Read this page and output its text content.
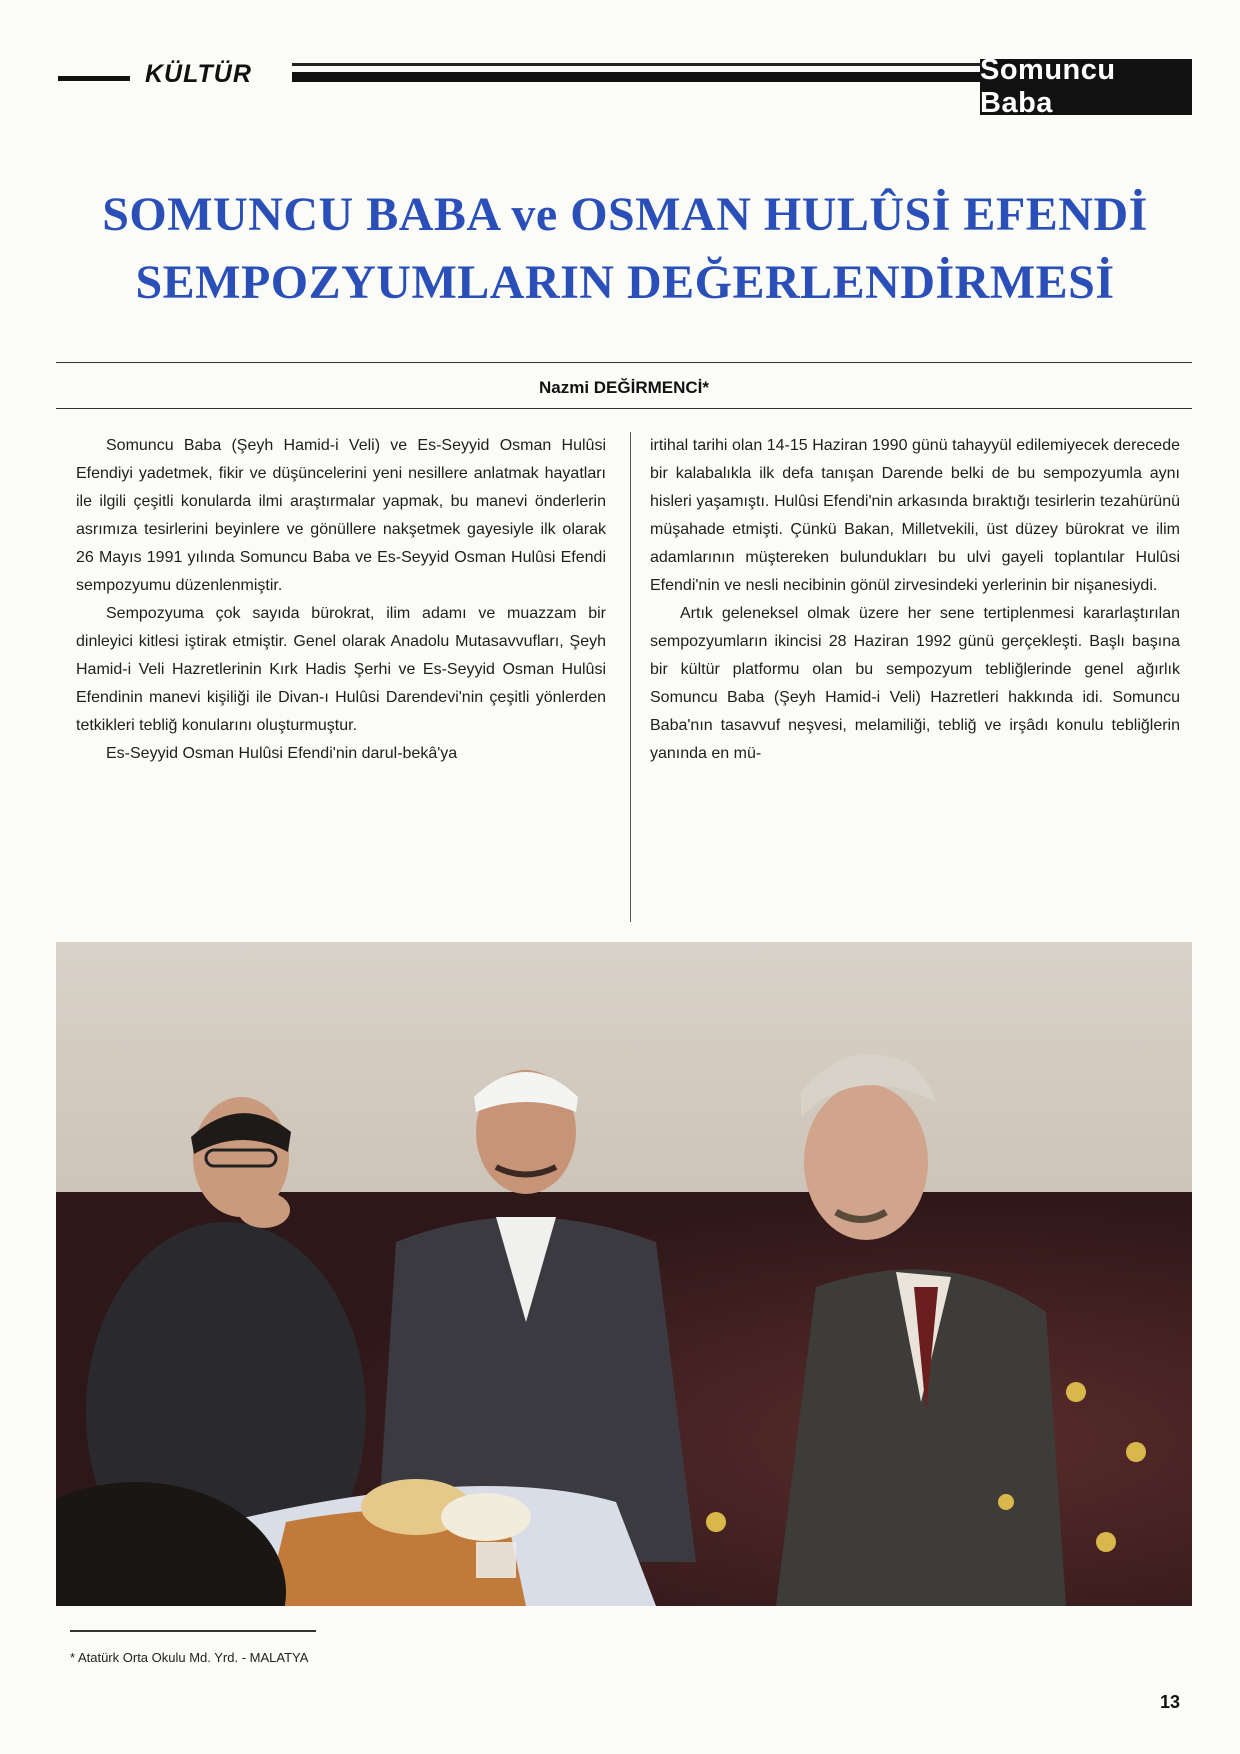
KÜLTÜR	Somuncu Baba
SOMUNCU BABA ve OSMAN HULÛSİ EFENDİ
SEMPOZYUMLARIN DEĞERLENDİRMESİ
Nazmi DEĞİRMENCİ*

Somuncu Baba (Şeyh Hamid-i Veli) ve Es-Seyyid Osman Hulûsi Efendiyi yadetmek, fikir ve düşüncelerini yeni nesillere anlatmak hayatları ile ilgili çeşitli konularda ilmi araştırmalar yapmak, bu manevi önderlerin asrımıza tesirlerini beyinlere ve gönüllere nakşetmek gayesiyle ilk olarak 26 Mayıs 1991 yılında Somuncu Baba ve Es-Seyyid Osman Hulûsi Efendi sempozyumu düzenlenmiştir.

Sempozyuma çok sayıda bürokrat, ilim adamı ve muazzam bir dinleyici kitlesi iştirak etmiştir. Genel olarak Anadolu Mutasavvufları, Şeyh Hamid-i Veli Hazretlerinin Kırk Hadis Şerhi ve Es-Seyyid Osman Hulûsi Efendinin manevi kişiliği ile Divan-ı Hulûsi Darendevi'nin çeşitli yönlerden tetkikleri tebliğ konularını oluşturmuştur.

Es-Seyyid Osman Hulûsi Efendi'nin darul-bekâ'ya

irtihal tarihi olan 14-15 Haziran 1990 günü tahayyül edilemiyecek derecede bir kalabalıkla ilk defa tanışan Darende belki de bu sempozyumla aynı hisleri yaşamıştı. Hulûsi Efendi'nin arkasında bıraktığı tesirlerin tezahürünü müşahade etmişti. Çünkü Bakan, Milletvekili, üst düzey bürokrat ve ilim adamlarının müştereken bulundukları bu ulvi gayeli toplantılar Hulûsi Efendi'nin ve nesli necibinin gönül zirvesindeki yerlerinin bir nişanesiydi.

Artık geleneksel olmak üzere her sene tertiplenmesi kararlaştırılan sempozyumların ikincisi 28 Haziran 1992 günü gerçekleşti. Başlı başına bir kültür platformu olan bu sempozyum tebliğlerinde genel ağırlık Somuncu Baba (Şeyh Hamid-i Veli) Hazretleri hakkında idi. Somuncu Baba'nın tasavvuf neşvesi, melamiliği, tebliğ ve irşâdı konulu tebliğlerin yanında en mü-

* Atatürk Orta Okulu Md. Yrd. - MALATYA
13
